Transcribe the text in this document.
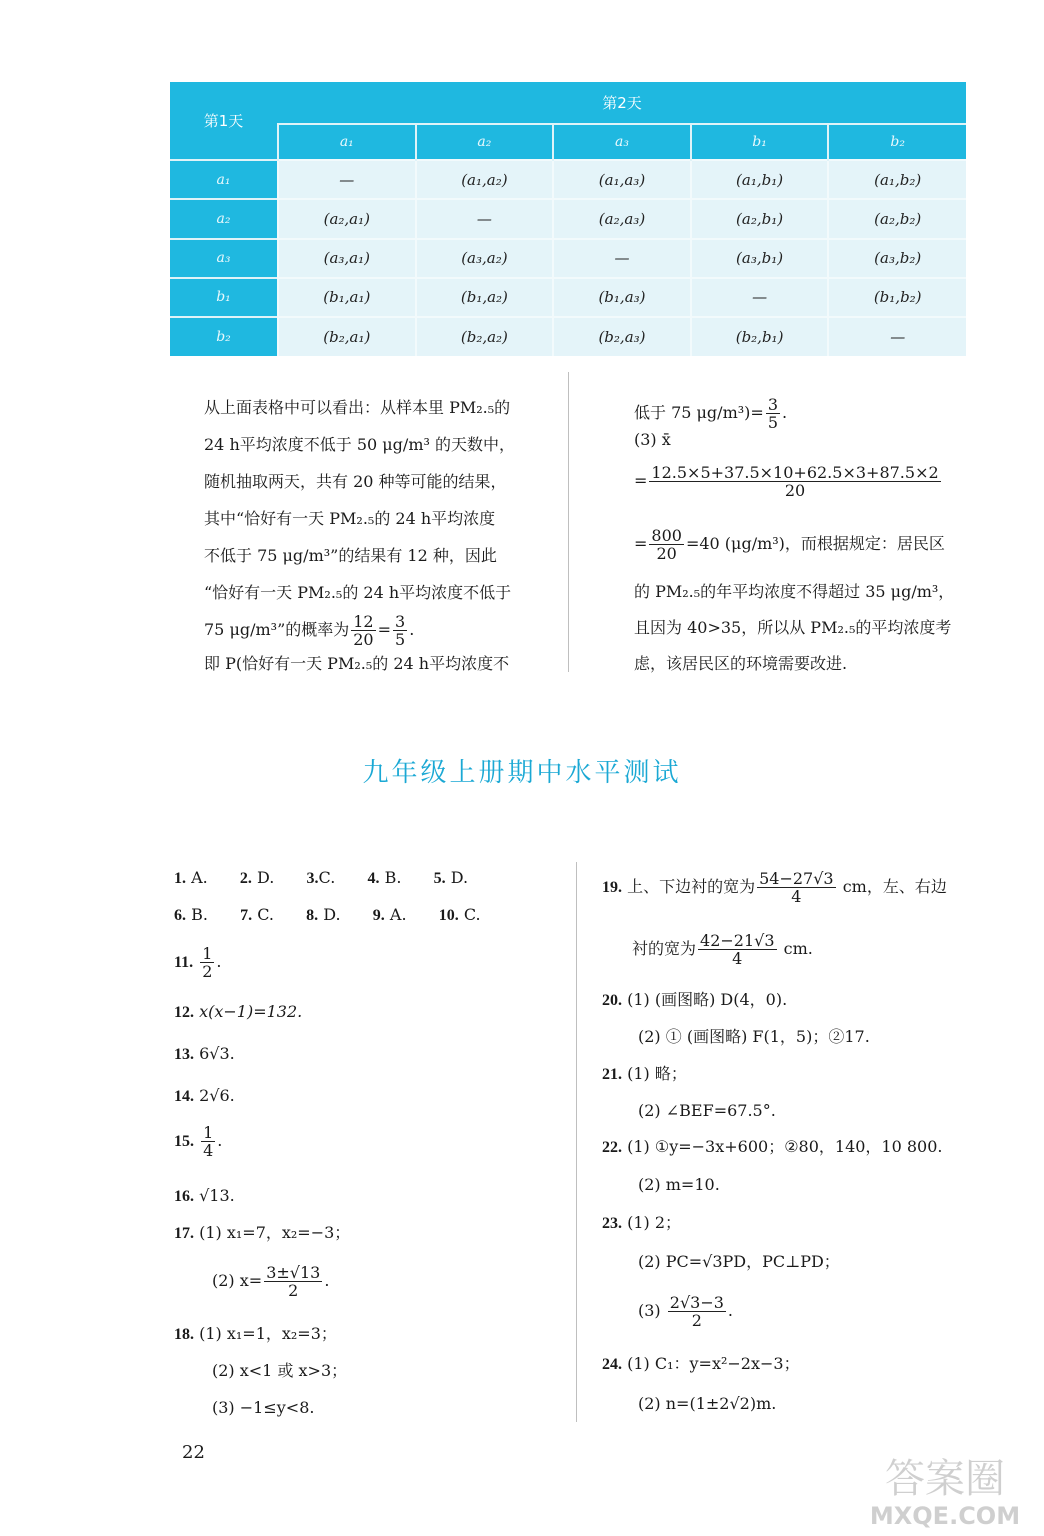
第1天	第2天				
	a₁	a₂	a₃	b₁	b₂
a₁	—	(a₁,a₂)	(a₁,a₃)	(a₁,b₁)	(a₁,b₂)
a₂	(a₂,a₁)	—	(a₂,a₃)	(a₂,b₁)	(a₂,b₂)
a₃	(a₃,a₁)	(a₃,a₂)	—	(a₃,b₁)	(a₃,b₂)
b₁	(b₁,a₁)	(b₁,a₂)	(b₁,a₃)	—	(b₁,b₂)
b₂	(b₂,a₁)	(b₂,a₂)	(b₂,a₃)	(b₂,b₁)	—
从上面表格中可以看出：从样本里 PM₂.₅的
24 h平均浓度不低于 50 μg/m³ 的天数中，
随机抽取两天，共有 20 种等可能的结果，
其中“恰好有一天 PM₂.₅的 24 h平均浓度
不低于 75 μg/m³”的结果有 12 种，因此
“恰好有一天 PM₂.₅的 24 h平均浓度不低于
75 μg/m³”的概率为 $\frac{12}{20} = \frac{3}{5}$ .
即 P(恰好有一天 PM₂.₅的 24 h平均浓度不
低于 75 $\mu g/m^3)= \frac{3}{5}$ .
(3) x̄
= $\frac{12.5\times 5+37.5\times 10+62.5\times 3+87.5\times 2}{20}$
= $\frac{800}{20} =40$ (μg/m³)，而根据规定：居民区
的 PM₂.₅的年平均浓度不得超过 35 μg/m³，
且因为 40>35，所以从 PM₂.₅的平均浓度考
虑，该居民区的环境需要改进.
九年级上册期中水平测试
1. A. 2. D. 3.C. 4. B. 5. D.
6. B. 7. C. 8. D. 9. A. 10. C.
11. $\frac{1}{2}$ .
12. x(x−1)=132.
13. 6√3.
14. 2√6.
15. $\frac{1}{4}$ .
16. √13.
17. (1) x₁=7，x₂=−3；
(2) $x= \frac{3\pm√13}{2}$ .
18. (1) x₁=1，x₂=3；
(2) x<1 或 x>3；
(3) −1≤y<8.
19. 上、下边衬的宽为 $\frac{54-27√3}{4}$ cm，左、右边
衬的宽为 $\frac{42-21√3}{4}$ cm.
20. (1) (画图略) D(4，0).
(2) ① (画图略) F(1，5)；②17.
21. (1) 略；
(2) ∠BEF=67.5°.
22. (1) ①y=−3x+600；②80，140，10 800.
(2) m=10.
23. (1) 2；
(2) PC=√3PD，PC⊥PD；
$(3) \frac{2√3-3}{2}$ .
24. (1) C₁：y=x²−2x−3；
(2) n=(1±2√2)m.
22
答案圈
MXQE.COM
